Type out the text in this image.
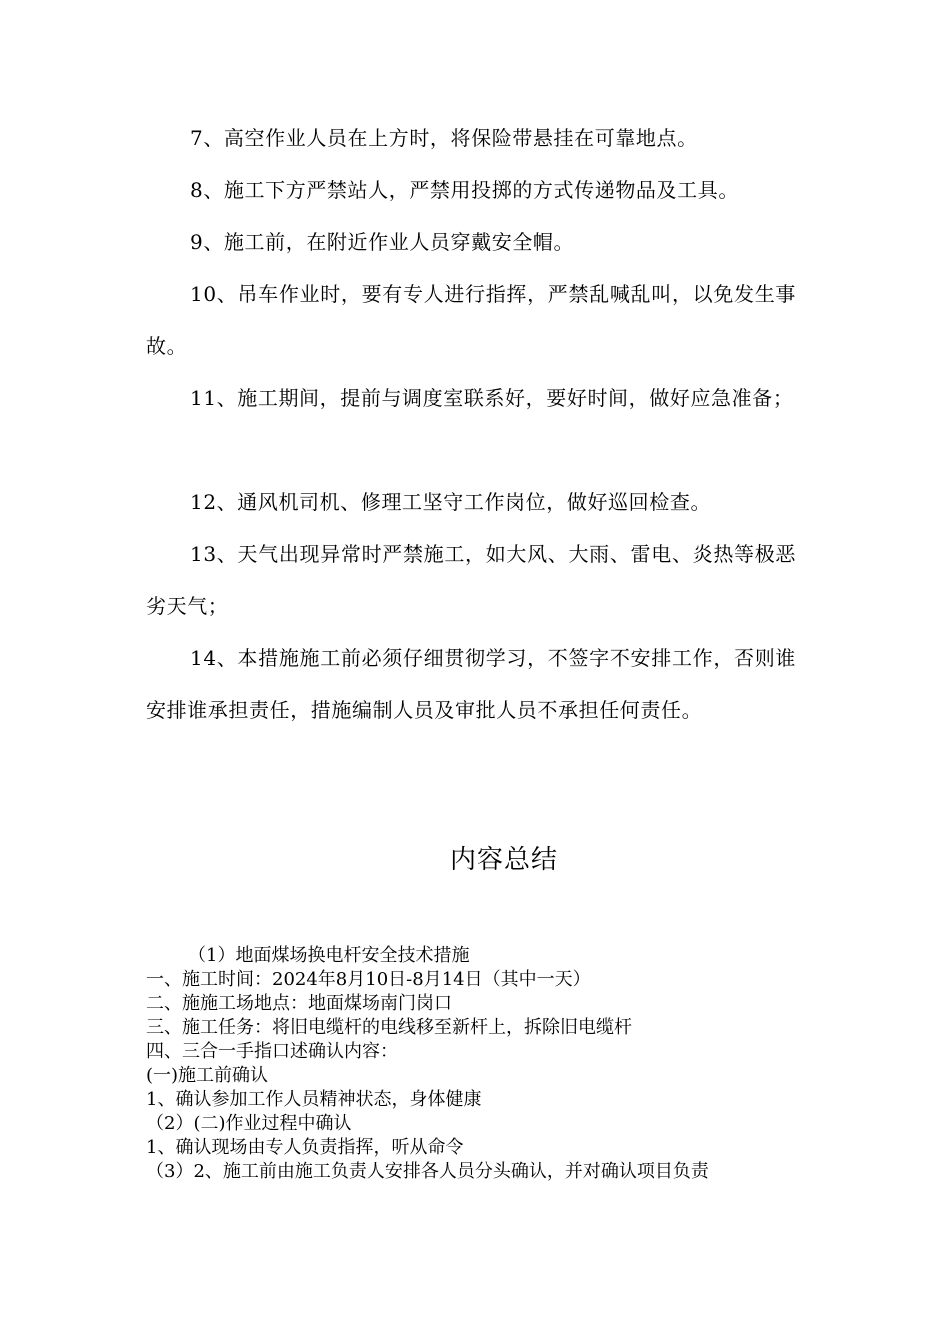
7、高空作业人员在上方时，将保险带悬挂在可靠地点。

8、施工下方严禁站人，严禁用投掷的方式传递物品及工具。

9、施工前，在附近作业人员穿戴安全帽。

10、吊车作业时，要有专人进行指挥，严禁乱喊乱叫，以免发生事故。

11、施工期间，提前与调度室联系好，要好时间，做好应急准备；

12、通风机司机、修理工坚守工作岗位，做好巡回检查。

13、天气出现异常时严禁施工，如大风、大雨、雷电、炎热等极恶劣天气；

14、本措施施工前必须仔细贯彻学习，不签字不安排工作，否则谁安排谁承担责任，措施编制人员及审批人员不承担任何责任。

内容总结

（1）地面煤场换电杆安全技术措施

一、施工时间：2024年8月10日-8月14日（其中一天）

二、施施工场地点：地面煤场南门岗口

三、施工任务：将旧电缆杆的电线移至新杆上，拆除旧电缆杆

四、三合一手指口述确认内容：

(一)施工前确认

1、确认参加工作人员精神状态，身体健康

（2）(二)作业过程中确认

1、确认现场由专人负责指挥，听从命令

（3）2、施工前由施工负责人安排各人员分头确认，并对确认项目负责
